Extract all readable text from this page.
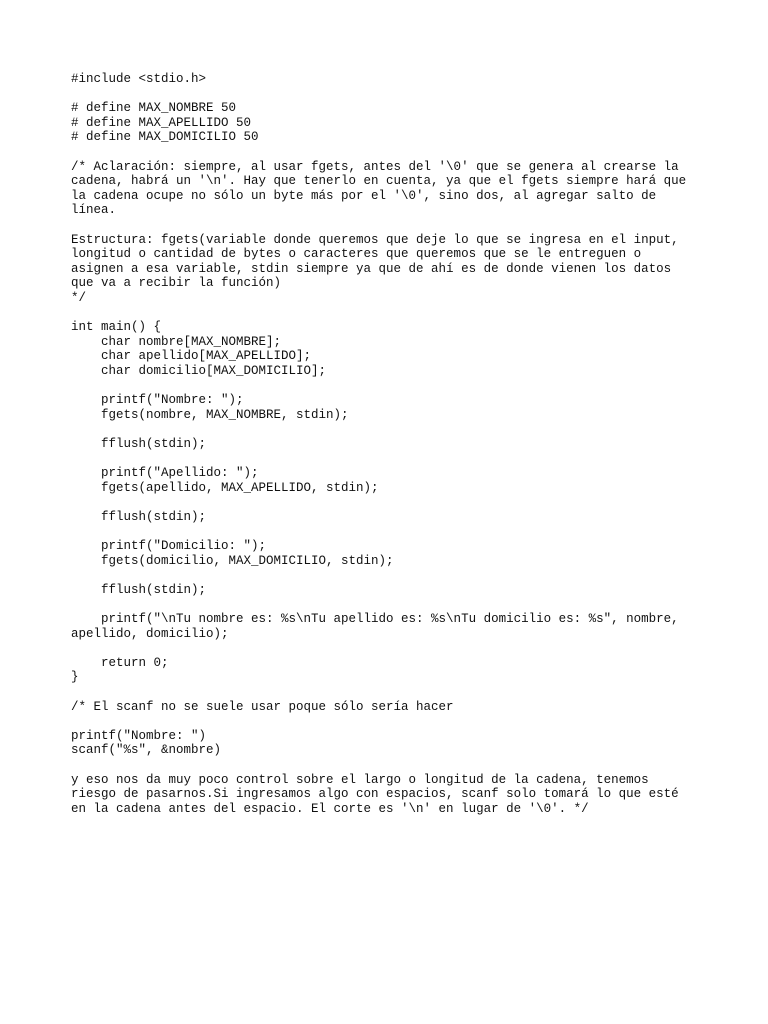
#include <stdio.h>

# define MAX_NOMBRE 50
# define MAX_APELLIDO 50
# define MAX_DOMICILIO 50

/* Aclaración: siempre, al usar fgets, antes del '\0' que se genera al crearse la
cadena, habrá un '\n'. Hay que tenerlo en cuenta, ya que el fgets siempre hará que
la cadena ocupe no sólo un byte más por el '\0', sino dos, al agregar salto de
línea.

Estructura: fgets(variable donde queremos que deje lo que se ingresa en el input,
longitud o cantidad de bytes o caracteres que queremos que se le entreguen o
asignen a esa variable, stdin siempre ya que de ahí es de donde vienen los datos
que va a recibir la función)
*/

int main() {
char nombre[MAX_NOMBRE];
char apellido[MAX_APELLIDO];
char domicilio[MAX_DOMICILIO];

printf("Nombre: ");
fgets(nombre, MAX_NOMBRE, stdin);

fflush(stdin);

printf("Apellido: ");
fgets(apellido, MAX_APELLIDO, stdin);

fflush(stdin);

printf("Domicilio: ");
fgets(domicilio, MAX_DOMICILIO, stdin);

fflush(stdin);

printf("\nTu nombre es: %s\nTu apellido es: %s\nTu domicilio es: %s", nombre,
apellido, domicilio);

return 0;
}

/* El scanf no se suele usar poque sólo sería hacer

printf("Nombre: ")
scanf("%s", &nombre)

y eso nos da muy poco control sobre el largo o longitud de la cadena, tenemos
riesgo de pasarnos.Si ingresamos algo con espacios, scanf solo tomará lo que esté
en la cadena antes del espacio. El corte es '\n' en lugar de '\0'. */
